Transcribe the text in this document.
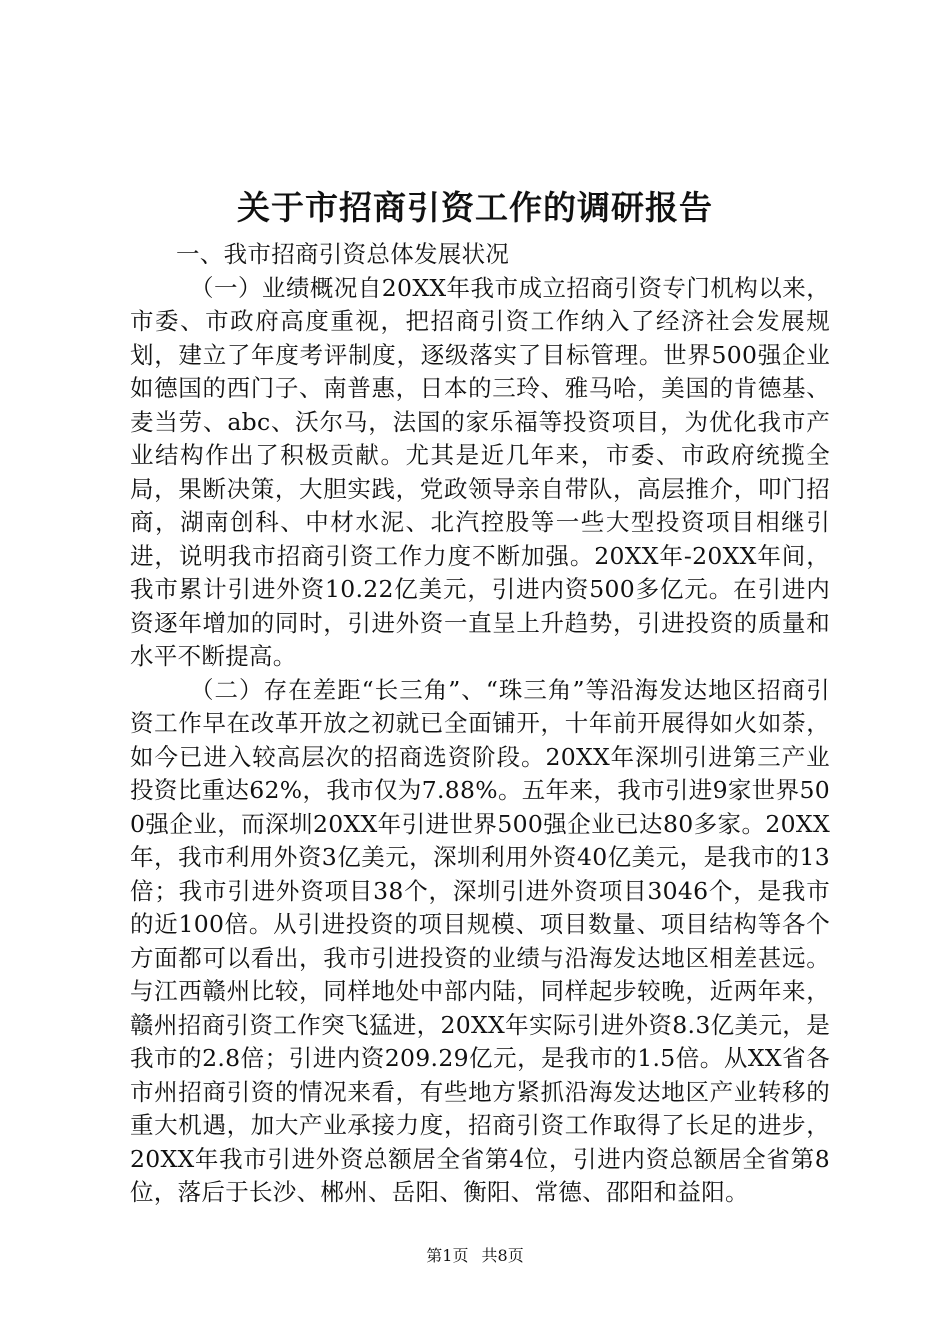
关于市招商引资工作的调研报告

一、我市招商引资总体发展状况

（一）业绩概况自20XX年我市成立招商引资专门机构以来，市委、市政府高度重视，把招商引资工作纳入了经济社会发展规划，建立了年度考评制度，逐级落实了目标管理。世界500强企业如德国的西门子、南普惠，日本的三玲、雅马哈，美国的肯德基、麦当劳、abc、沃尔马，法国的家乐福等投资项目，为优化我市产业结构作出了积极贡献。尤其是近几年来，市委、市政府统揽全局，果断决策，大胆实践，党政领导亲自带队，高层推介，叩门招商，湖南创科、中材水泥、北汽控股等一些大型投资项目相继引进，说明我市招商引资工作力度不断加强。20XX年-20XX年间，我市累计引进外资10.22亿美元，引进内资500多亿元。在引进内资逐年增加的同时，引进外资一直呈上升趋势，引进投资的质量和水平不断提高。

（二）存在差距“长三角”、“珠三角”等沿海发达地区招商引资工作早在改革开放之初就已全面铺开，十年前开展得如火如荼，如今已进入较高层次的招商选资阶段。20XX年深圳引进第三产业投资比重达62%，我市仅为7.88%。五年来，我市引进9家世界500强企业，而深圳20XX年引进世界500强企业已达80多家。20XX年，我市利用外资3亿美元，深圳利用外资40亿美元，是我市的13倍；我市引进外资项目38个，深圳引进外资项目3046个，是我市的近100倍。从引进投资的项目规模、项目数量、项目结构等各个方面都可以看出，我市引进投资的业绩与沿海发达地区相差甚远。与江西赣州比较，同样地处中部内陆，同样起步较晚，近两年来，赣州招商引资工作突飞猛进，20XX年实际引进外资8.3亿美元，是我市的2.8倍；引进内资209.29亿元，是我市的1.5倍。从XX省各市州招商引资的情况来看，有些地方紧抓沿海发达地区产业转移的重大机遇，加大产业承接力度，招商引资工作取得了长足的进步，20XX年我市引进外资总额居全省第4位，引进内资总额居全省第8位，落后于长沙、郴州、岳阳、衡阳、常德、邵阳和益阳。

第1页 共8页
